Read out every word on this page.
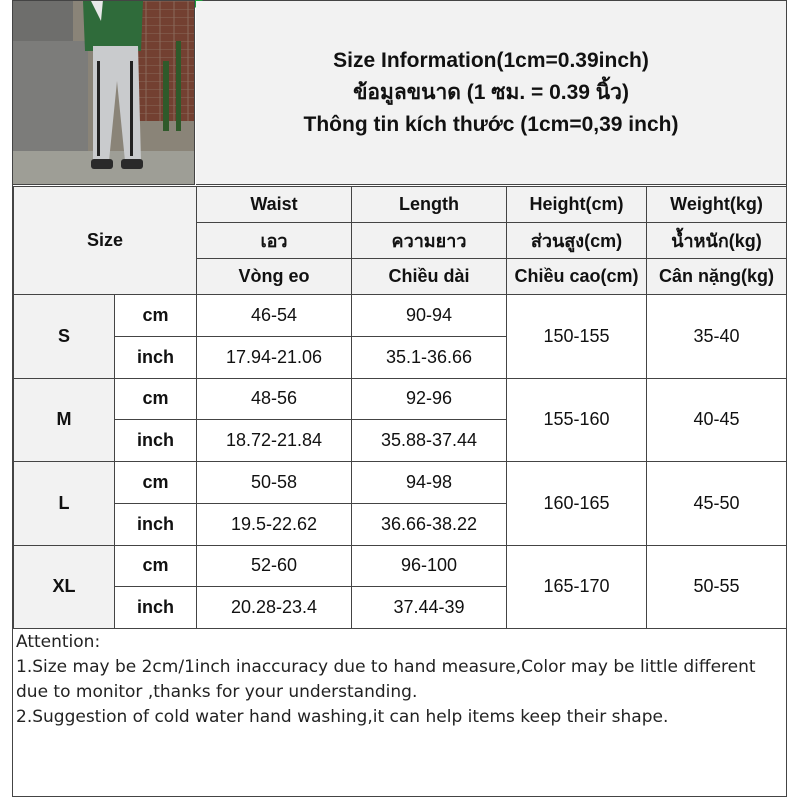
Size Information(1cm=0.39inch)
ข้อมูลขนาด (1 ซม. = 0.39 นิ้ว)
Thông tin kích thước (1cm=0,39 inch)
Size		Waist	Length	Height(cm)	Weight(kg)
		เอว	ความยาว	ส่วนสูง(cm)	น้ำหนัก(kg)
		Vòng eo	Chiều dài	Chiều cao(cm)	Cân nặng(kg)
S	cm	46-54	90-94	150-155	35-40
	inch	17.94-21.06	35.1-36.66		
M	cm	48-56	92-96	155-160	40-45
	inch	18.72-21.84	35.88-37.44		
L	cm	50-58	94-98	160-165	45-50
	inch	19.5-22.62	36.66-38.22		
XL	cm	52-60	96-100	165-170	50-55
	inch	20.28-23.4	37.44-39		

Attention:

1.Size may be 2cm/1inch inaccuracy due to hand measure,Color may be little different due to monitor ,thanks for your understanding.

2.Suggestion of cold water hand washing,it can help items keep their shape.
